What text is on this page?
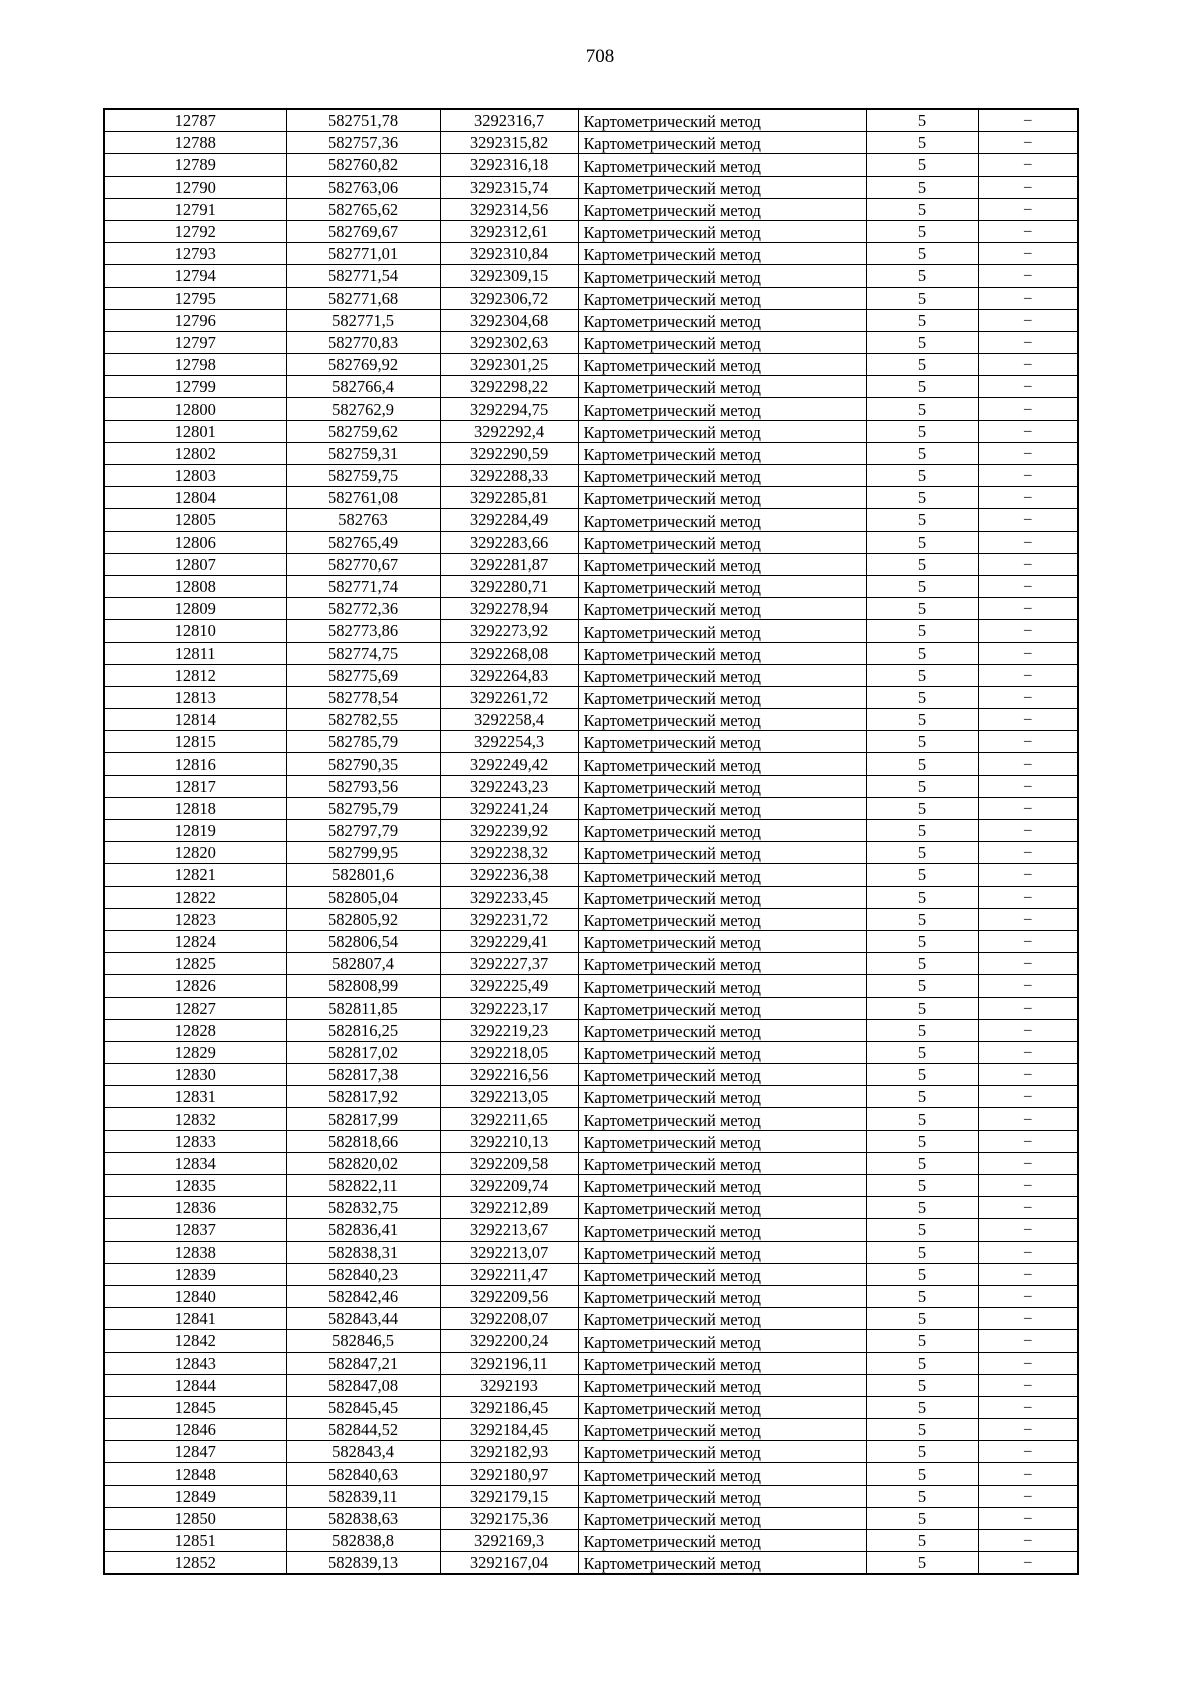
708
12787	582751,78	3292316,7	Картометрический метод	5	–
12788	582757,36	3292315,82	Картометрический метод	5	–
12789	582760,82	3292316,18	Картометрический метод	5	–
12790	582763,06	3292315,74	Картометрический метод	5	–
12791	582765,62	3292314,56	Картометрический метод	5	–
12792	582769,67	3292312,61	Картометрический метод	5	–
12793	582771,01	3292310,84	Картометрический метод	5	–
12794	582771,54	3292309,15	Картометрический метод	5	–
12795	582771,68	3292306,72	Картометрический метод	5	–
12796	582771,5	3292304,68	Картометрический метод	5	–
12797	582770,83	3292302,63	Картометрический метод	5	–
12798	582769,92	3292301,25	Картометрический метод	5	–
12799	582766,4	3292298,22	Картометрический метод	5	–
12800	582762,9	3292294,75	Картометрический метод	5	–
12801	582759,62	3292292,4	Картометрический метод	5	–
12802	582759,31	3292290,59	Картометрический метод	5	–
12803	582759,75	3292288,33	Картометрический метод	5	–
12804	582761,08	3292285,81	Картометрический метод	5	–
12805	582763	3292284,49	Картометрический метод	5	–
12806	582765,49	3292283,66	Картометрический метод	5	–
12807	582770,67	3292281,87	Картометрический метод	5	–
12808	582771,74	3292280,71	Картометрический метод	5	–
12809	582772,36	3292278,94	Картометрический метод	5	–
12810	582773,86	3292273,92	Картометрический метод	5	–
12811	582774,75	3292268,08	Картометрический метод	5	–
12812	582775,69	3292264,83	Картометрический метод	5	–
12813	582778,54	3292261,72	Картометрический метод	5	–
12814	582782,55	3292258,4	Картометрический метод	5	–
12815	582785,79	3292254,3	Картометрический метод	5	–
12816	582790,35	3292249,42	Картометрический метод	5	–
12817	582793,56	3292243,23	Картометрический метод	5	–
12818	582795,79	3292241,24	Картометрический метод	5	–
12819	582797,79	3292239,92	Картометрический метод	5	–
12820	582799,95	3292238,32	Картометрический метод	5	–
12821	582801,6	3292236,38	Картометрический метод	5	–
12822	582805,04	3292233,45	Картометрический метод	5	–
12823	582805,92	3292231,72	Картометрический метод	5	–
12824	582806,54	3292229,41	Картометрический метод	5	–
12825	582807,4	3292227,37	Картометрический метод	5	–
12826	582808,99	3292225,49	Картометрический метод	5	–
12827	582811,85	3292223,17	Картометрический метод	5	–
12828	582816,25	3292219,23	Картометрический метод	5	–
12829	582817,02	3292218,05	Картометрический метод	5	–
12830	582817,38	3292216,56	Картометрический метод	5	–
12831	582817,92	3292213,05	Картометрический метод	5	–
12832	582817,99	3292211,65	Картометрический метод	5	–
12833	582818,66	3292210,13	Картометрический метод	5	–
12834	582820,02	3292209,58	Картометрический метод	5	–
12835	582822,11	3292209,74	Картометрический метод	5	–
12836	582832,75	3292212,89	Картометрический метод	5	–
12837	582836,41	3292213,67	Картометрический метод	5	–
12838	582838,31	3292213,07	Картометрический метод	5	–
12839	582840,23	3292211,47	Картометрический метод	5	–
12840	582842,46	3292209,56	Картометрический метод	5	–
12841	582843,44	3292208,07	Картометрический метод	5	–
12842	582846,5	3292200,24	Картометрический метод	5	–
12843	582847,21	3292196,11	Картометрический метод	5	–
12844	582847,08	3292193	Картометрический метод	5	–
12845	582845,45	3292186,45	Картометрический метод	5	–
12846	582844,52	3292184,45	Картометрический метод	5	–
12847	582843,4	3292182,93	Картометрический метод	5	–
12848	582840,63	3292180,97	Картометрический метод	5	–
12849	582839,11	3292179,15	Картометрический метод	5	–
12850	582838,63	3292175,36	Картометрический метод	5	–
12851	582838,8	3292169,3	Картометрический метод	5	–
12852	582839,13	3292167,04	Картометрический метод	5	–
